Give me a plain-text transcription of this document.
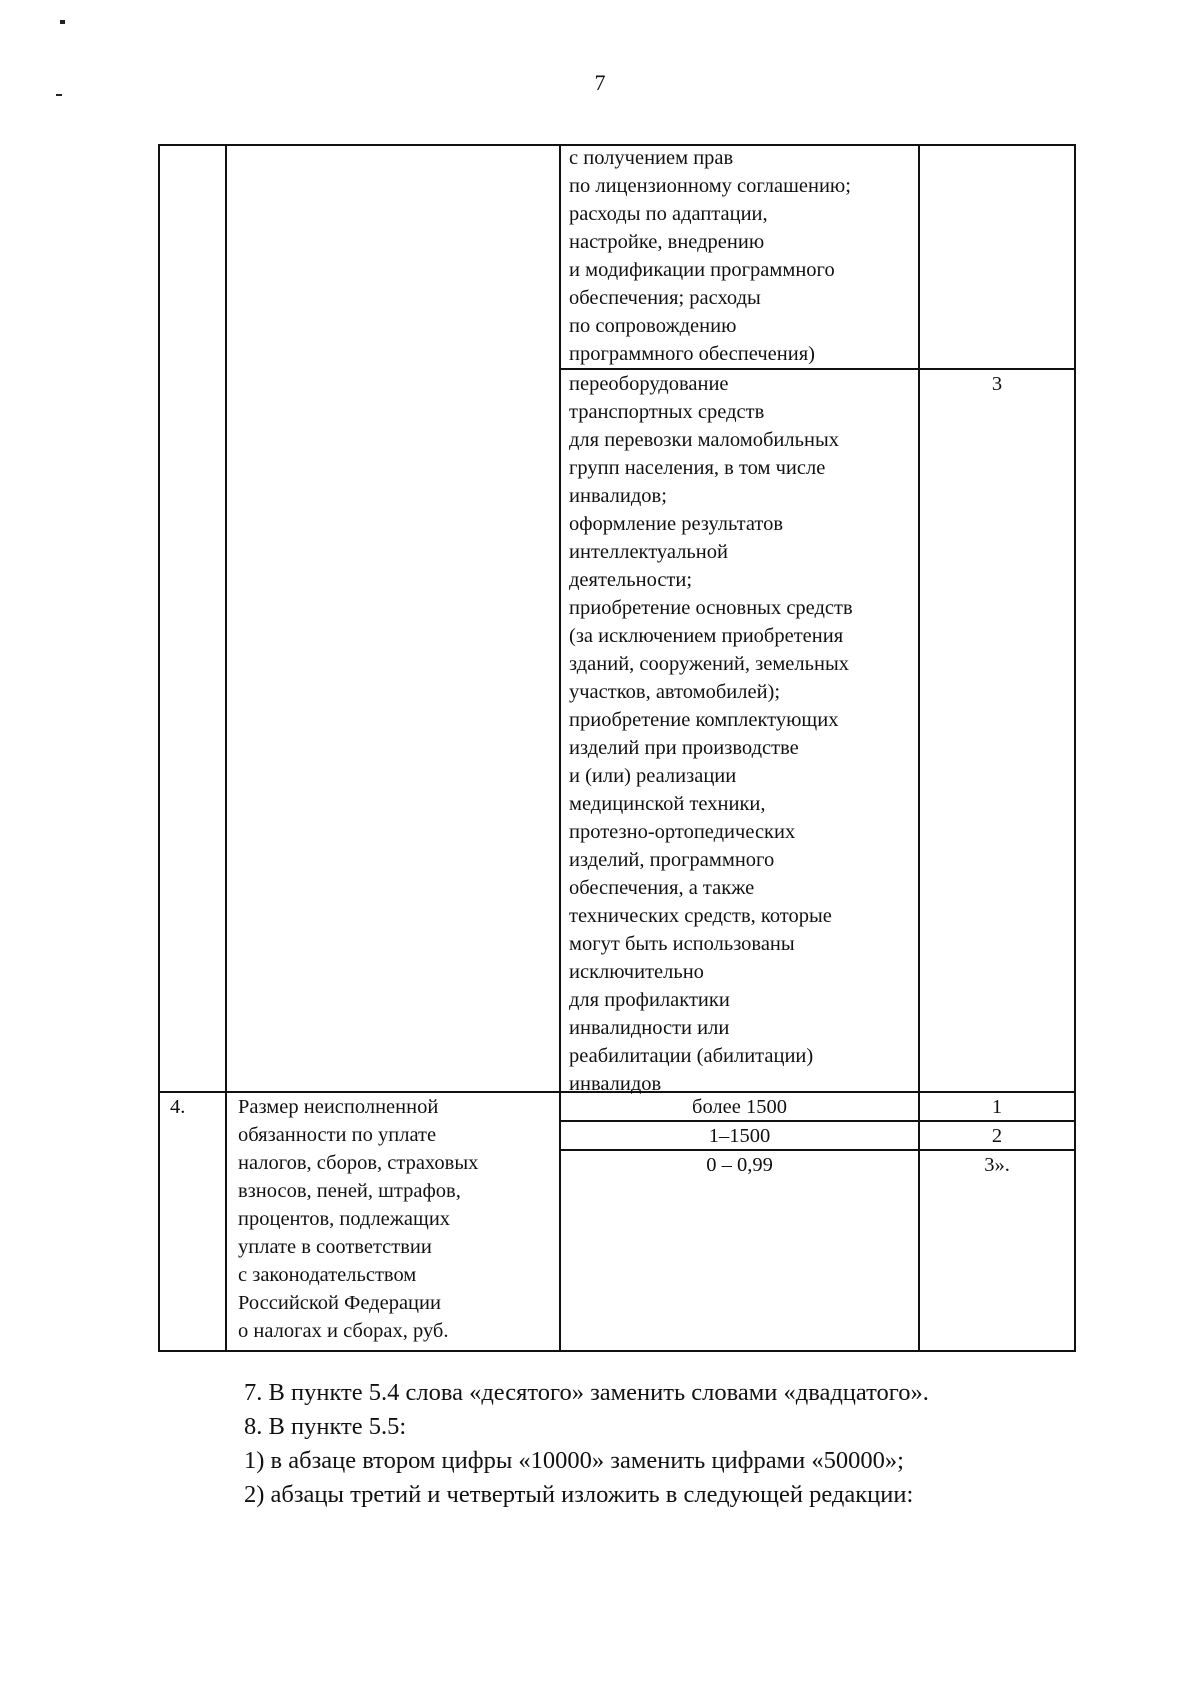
7
с получением прав
по лицензионному соглашению;
расходы по адаптации,
настройке, внедрению
и модификации программного
обеспечения; расходы
по сопровождению
программного обеспечения)
переоборудование
транспортных средств
для перевозки маломобильных
групп населения, в том числе
инвалидов;
оформление результатов
интеллектуальной
деятельности;
приобретение основных средств
(за исключением приобретения
зданий, сооружений, земельных
участков, автомобилей);
приобретение комплектующих
изделий при производстве
и (или) реализации
медицинской техники,
протезно-ортопедических
изделий, программного
обеспечения, а также
технических средств, которые
могут быть использованы
исключительно
для профилактики
инвалидности или
реабилитации (абилитации)
инвалидов
3
4.	Размер неисполненной
обязанности по уплате
налогов, сборов, страховых
взносов, пеней, штрафов,
процентов, подлежащих
уплате в соответствии
с законодательством
Российской Федерации
о налогах и сборах, руб.
более 1500
1–1500
0 – 0,99
1
2
3».
7. В пункте 5.4 слова «десятого» заменить словами «двадцатого».
8. В пункте 5.5:
1) в абзаце втором цифры «10000» заменить цифрами «50000»;
2) абзацы третий и четвертый изложить в следующей редакции:
